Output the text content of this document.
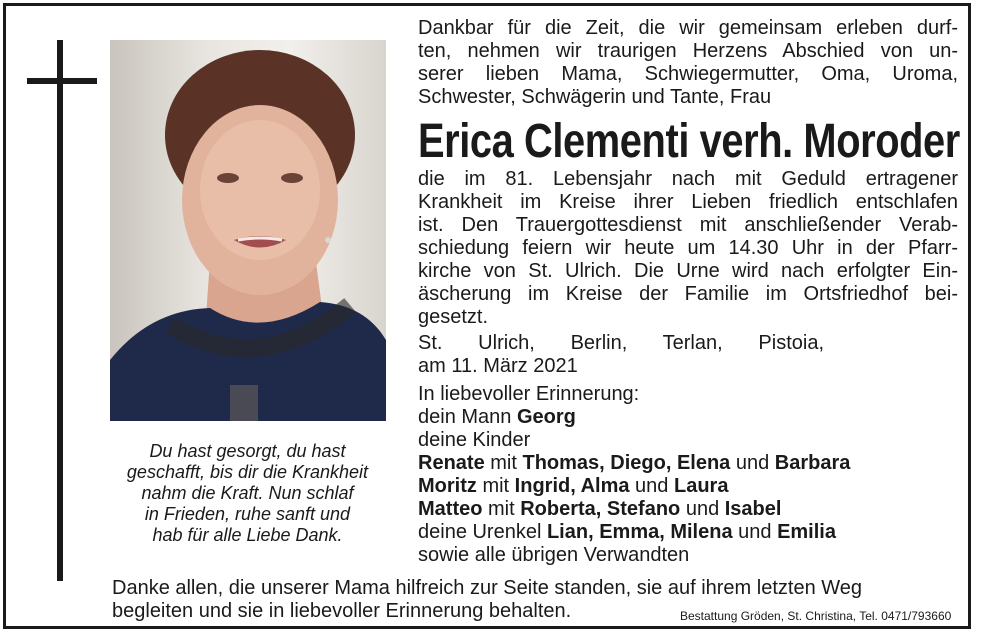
Du hast gesorgt, du hast
geschafft, bis dir die Krankheit
nahm die Kraft. Nun schlaf
in Frieden, ruhe sanft und
hab für alle Liebe Dank.
Dankbar für die Zeit, die wir gemeinsam erleben durf-
ten, nehmen wir traurigen Herzens Abschied von un-
serer lieben Mama, Schwiegermutter, Oma, Uroma,
Schwester, Schwägerin und Tante, Frau
Erica Clementi verh. Moroder
die im 81. Lebensjahr nach mit Geduld ertragener
Krankheit im Kreise ihrer Lieben friedlich entschlafen
ist. Den Trauergottesdienst mit anschließender Verab-
schiedung feiern wir heute um 14.30 Uhr in der Pfarr-
kirche von St. Ulrich. Die Urne wird nach erfolgter Ein-
äscherung im Kreise der Familie im Ortsfriedhof bei-
gesetzt.
St. Ulrich, Berlin, Terlan, Pistoia,
am 11. März 2021
In liebevoller Erinnerung:
dein Mann Georg
deine Kinder
Renate mit Thomas, Diego, Elena und Barbara
Moritz mit Ingrid, Alma und Laura
Matteo mit Roberta, Stefano und Isabel
deine Urenkel Lian, Emma, Milena und Emilia
sowie alle übrigen Verwandten
Danke allen, die unserer Mama hilfreich zur Seite standen, sie auf ihrem letzten Weg
begleiten und sie in liebevoller Erinnerung behalten.	Bestattung Gröden, St. Christina, Tel. 0471/793660
